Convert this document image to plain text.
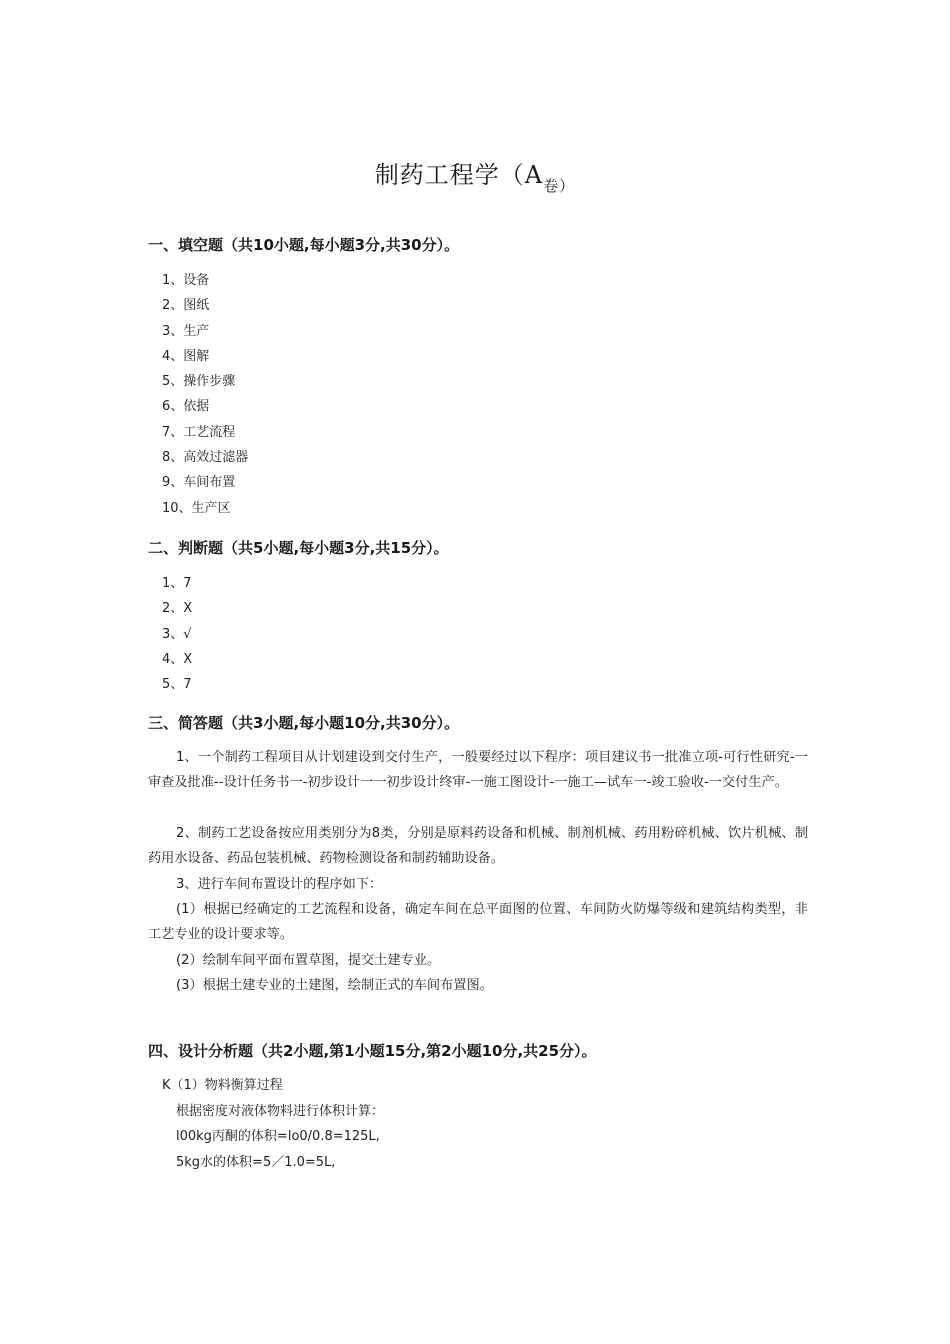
制药工程学（$A_{卷)}$
一、填空题（共10小题,每小题3分,共30分）。
1、设备
2、图纸
3、生产
4、图解
5、操作步骤
6、依据
7、工艺流程
8、高效过滤器
9、车间布置
10、生产区
二、判断题（共5小题,每小题3分,共15分）。
1、7
2、X
3、√
4、X
5、7
三、简答题（共3小题,每小题10分,共30分）。

1、一个制药工程项目从计划建设到交付生产，一般要经过以下程序：项目建议书一批准立项-可行性研究-一审查及批准--设计任务书一-初步设计一一初步设计终审-一施工图设计-一施工—试车一-竣工验收-一交付生产。

2、制药工艺设备按应用类别分为8类，分别是原料药设备和机械、制剂机械、药用粉碎机械、饮片机械、制药用水设备、药品包装机械、药物检测设备和制药辅助设备。

3、进行车间布置设计的程序如下：

(1）根据已经确定的工艺流程和设备，确定车间在总平面图的位置、车间防火防爆等级和建筑结构类型，非工艺专业的设计要求等。

(2）绘制车间平面布置草图，提交土建专业。

(3）根据土建专业的土建图，绘制正式的车间布置图。

四、设计分析题（共2小题,第1小题15分,第2小题10分,共25分）。
K（1）物料衡算过程
根据密度对液体物料进行体积计算：
l00kg丙酮的体积=lo0/0.8=125L,
5kg水的体积=5／1.0=5L,
